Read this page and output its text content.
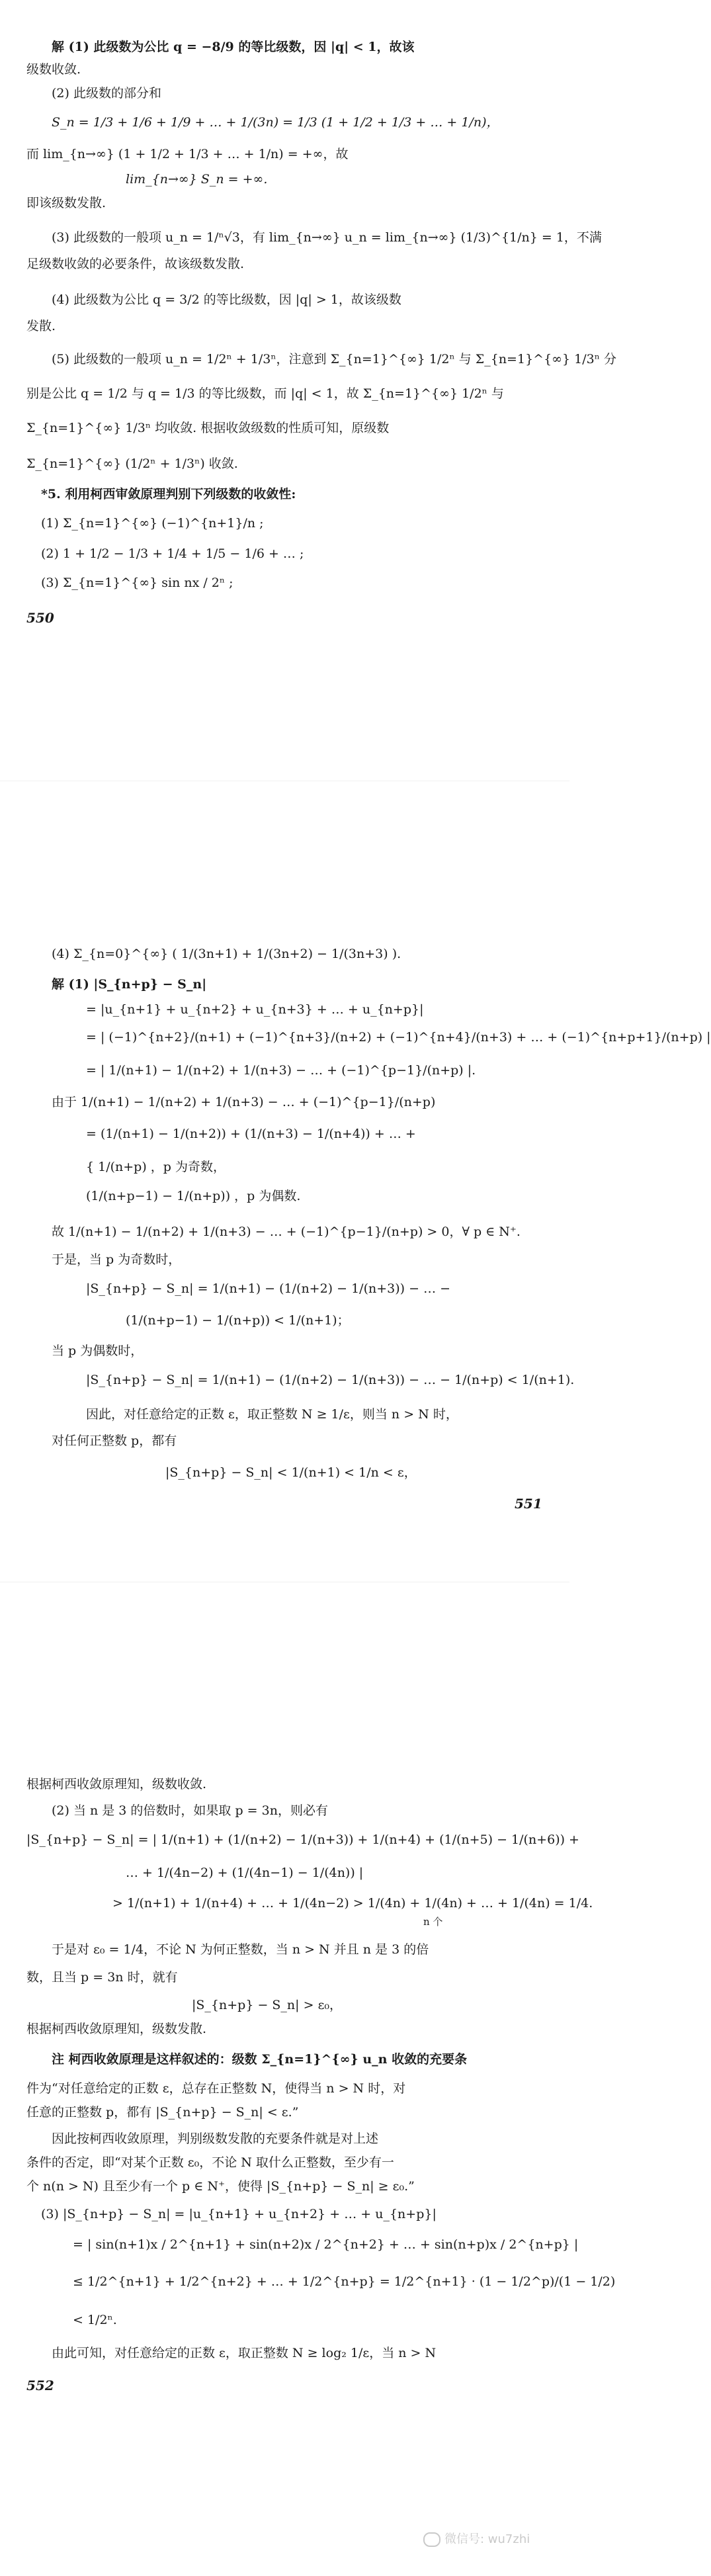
解 (1) 此级数为公比 q = −8/9 的等比级数，因 |q| < 1，故该
级数收敛.
(2) 此级数的部分和
S_n = 1/3 + 1/6 + 1/9 + … + 1/(3n) = 1/3 (1 + 1/2 + 1/3 + … + 1/n)，
而 lim_{n→∞} (1 + 1/2 + 1/3 + … + 1/n) = +∞，故
lim_{n→∞} S_n = +∞.
即该级数发散.
(3) 此级数的一般项 u_n = 1/ⁿ√3，有 lim_{n→∞} u_n = lim_{n→∞} (1/3)^{1/n} = 1，不满
足级数收敛的必要条件，故该级数发散.
(4) 此级数为公比 q = 3/2 的等比级数，因 |q| > 1，故该级数
发散.
(5) 此级数的一般项 u_n = 1/2ⁿ + 1/3ⁿ，注意到 Σ_{n=1}^{∞} 1/2ⁿ 与 Σ_{n=1}^{∞} 1/3ⁿ 分
别是公比 q = 1/2 与 q = 1/3 的等比级数，而 |q| < 1，故 Σ_{n=1}^{∞} 1/2ⁿ 与
Σ_{n=1}^{∞} 1/3ⁿ 均收敛. 根据收敛级数的性质可知，原级数
Σ_{n=1}^{∞} (1/2ⁿ + 1/3ⁿ) 收敛.
*5. 利用柯西审敛原理判别下列级数的收敛性:
(1) Σ_{n=1}^{∞} (−1)^{n+1}/n ;
(2) 1 + 1/2 − 1/3 + 1/4 + 1/5 − 1/6 + … ;
(3) Σ_{n=1}^{∞} sin nx / 2ⁿ ;
550
(4) Σ_{n=0}^{∞} ( 1/(3n+1) + 1/(3n+2) − 1/(3n+3) ).
解 (1) |S_{n+p} − S_n|
= |u_{n+1} + u_{n+2} + u_{n+3} + … + u_{n+p}|
= | (−1)^{n+2}/(n+1) + (−1)^{n+3}/(n+2) + (−1)^{n+4}/(n+3) + … + (−1)^{n+p+1}/(n+p) |
= | 1/(n+1) − 1/(n+2) + 1/(n+3) − … + (−1)^{p−1}/(n+p) |.
由于 1/(n+1) − 1/(n+2) + 1/(n+3) − … + (−1)^{p−1}/(n+p)
= (1/(n+1) − 1/(n+2)) + (1/(n+3) − 1/(n+4)) + … +
{ 1/(n+p) ，p 为奇数，
(1/(n+p−1) − 1/(n+p)) ，p 为偶数.
故 1/(n+1) − 1/(n+2) + 1/(n+3) − … + (−1)^{p−1}/(n+p) > 0，∀ p ∈ N⁺.
于是，当 p 为奇数时，
|S_{n+p} − S_n| = 1/(n+1) − (1/(n+2) − 1/(n+3)) − … −
(1/(n+p−1) − 1/(n+p)) < 1/(n+1)；
当 p 为偶数时，
|S_{n+p} − S_n| = 1/(n+1) − (1/(n+2) − 1/(n+3)) − … − 1/(n+p) < 1/(n+1).
因此，对任意给定的正数 ε，取正整数 N ≥ 1/ε，则当 n > N 时，
对任何正整数 p，都有
|S_{n+p} − S_n| < 1/(n+1) < 1/n < ε，
551
根据柯西收敛原理知，级数收敛.
(2) 当 n 是 3 的倍数时，如果取 p = 3n，则必有
|S_{n+p} − S_n| = | 1/(n+1) + (1/(n+2) − 1/(n+3)) + 1/(n+4) + (1/(n+5) − 1/(n+6)) +
… + 1/(4n−2) + (1/(4n−1) − 1/(4n)) |
> 1/(n+1) + 1/(n+4) + … + 1/(4n−2) > 1/(4n) + 1/(4n) + … + 1/(4n) = 1/4.
n 个
于是对 ε₀ = 1/4，不论 N 为何正整数，当 n > N 并且 n 是 3 的倍
数，且当 p = 3n 时，就有
|S_{n+p} − S_n| > ε₀，
根据柯西收敛原理知，级数发散.
注 柯西收敛原理是这样叙述的：级数 Σ_{n=1}^{∞} u_n 收敛的充要条
件为“对任意给定的正数 ε，总存在正整数 N，使得当 n > N 时，对
任意的正整数 p，都有 |S_{n+p} − S_n| < ε.”
因此按柯西收敛原理，判别级数发散的充要条件就是对上述
条件的否定，即“对某个正数 ε₀，不论 N 取什么正整数，至少有一
个 n(n > N) 且至少有一个 p ∈ N⁺，使得 |S_{n+p} − S_n| ≥ ε₀.”
(3) |S_{n+p} − S_n| = |u_{n+1} + u_{n+2} + … + u_{n+p}|
= | sin(n+1)x / 2^{n+1} + sin(n+2)x / 2^{n+2} + … + sin(n+p)x / 2^{n+p} |
≤ 1/2^{n+1} + 1/2^{n+2} + … + 1/2^{n+p} = 1/2^{n+1} · (1 − 1/2^p)/(1 − 1/2)
< 1/2ⁿ.
由此可知，对任意给定的正数 ε，取正整数 N ≥ log₂ 1/ε，当 n > N
552
微信号: wu7zhi
